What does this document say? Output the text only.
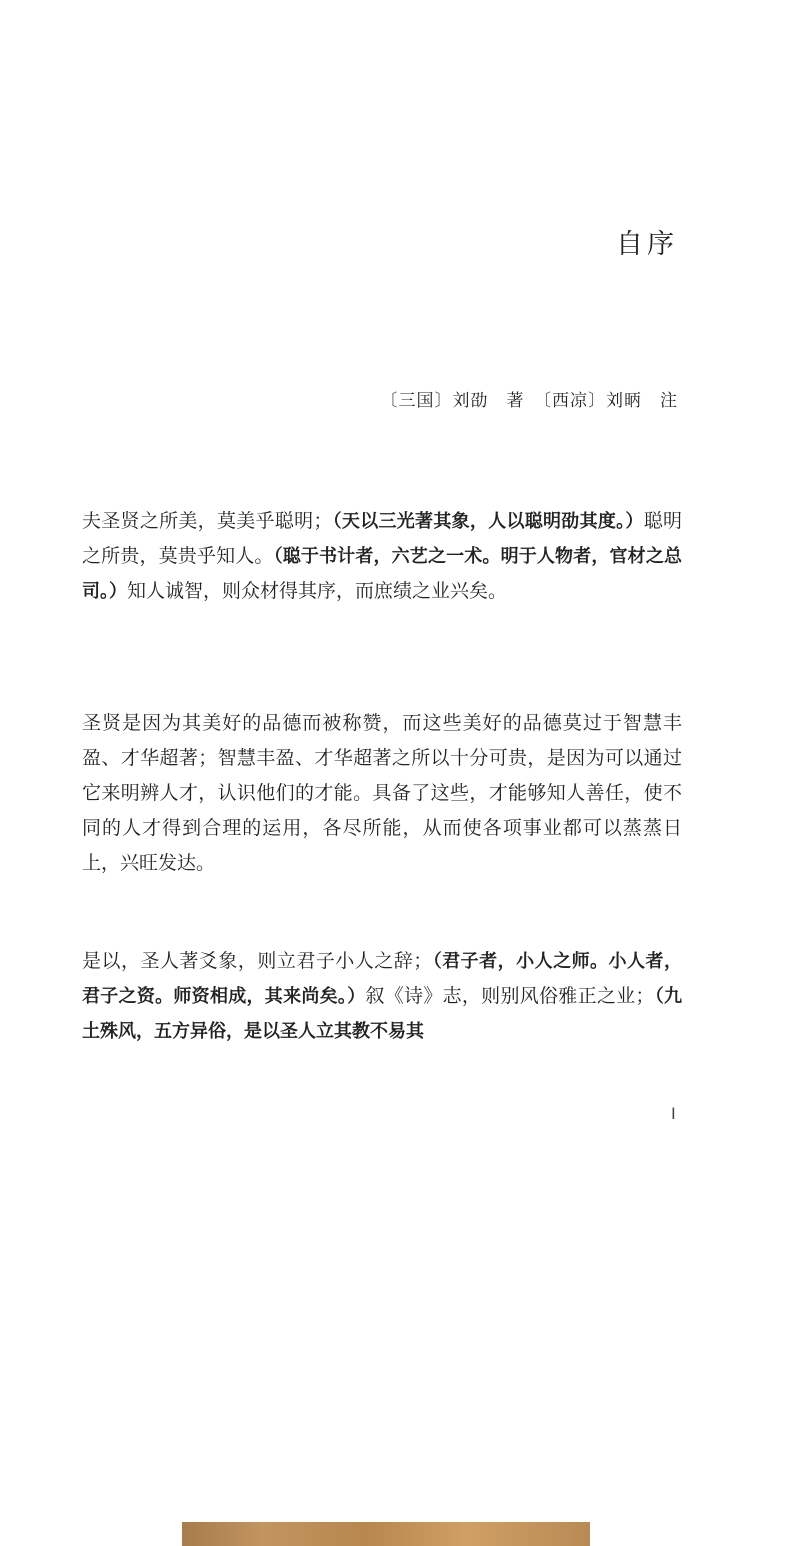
自序
〔三国〕刘劭　著　〔西凉〕刘昞　注

夫圣贤之所美，莫美乎聪明；（天以三光著其象，人以聪明劭其度。）聪明之所贵，莫贵乎知人。（聪于书计者，六艺之一术。明于人物者，官材之总司。）知人诚智，则众材得其序，而庶绩之业兴矣。

圣贤是因为其美好的品德而被称赞，而这些美好的品德莫过于智慧丰盈、才华超著；智慧丰盈、才华超著之所以十分可贵，是因为可以通过它来明辨人才，认识他们的才能。具备了这些，才能够知人善任，使不同的人才得到合理的运用，各尽所能，从而使各项事业都可以蒸蒸日上，兴旺发达。

是以，圣人著爻象，则立君子小人之辞；（君子者，小人之师。小人者，君子之资。师资相成，其来尚矣。）叙《诗》志，则别风俗雅正之业；（九土殊风，五方异俗，是以圣人立其教不易其

I
